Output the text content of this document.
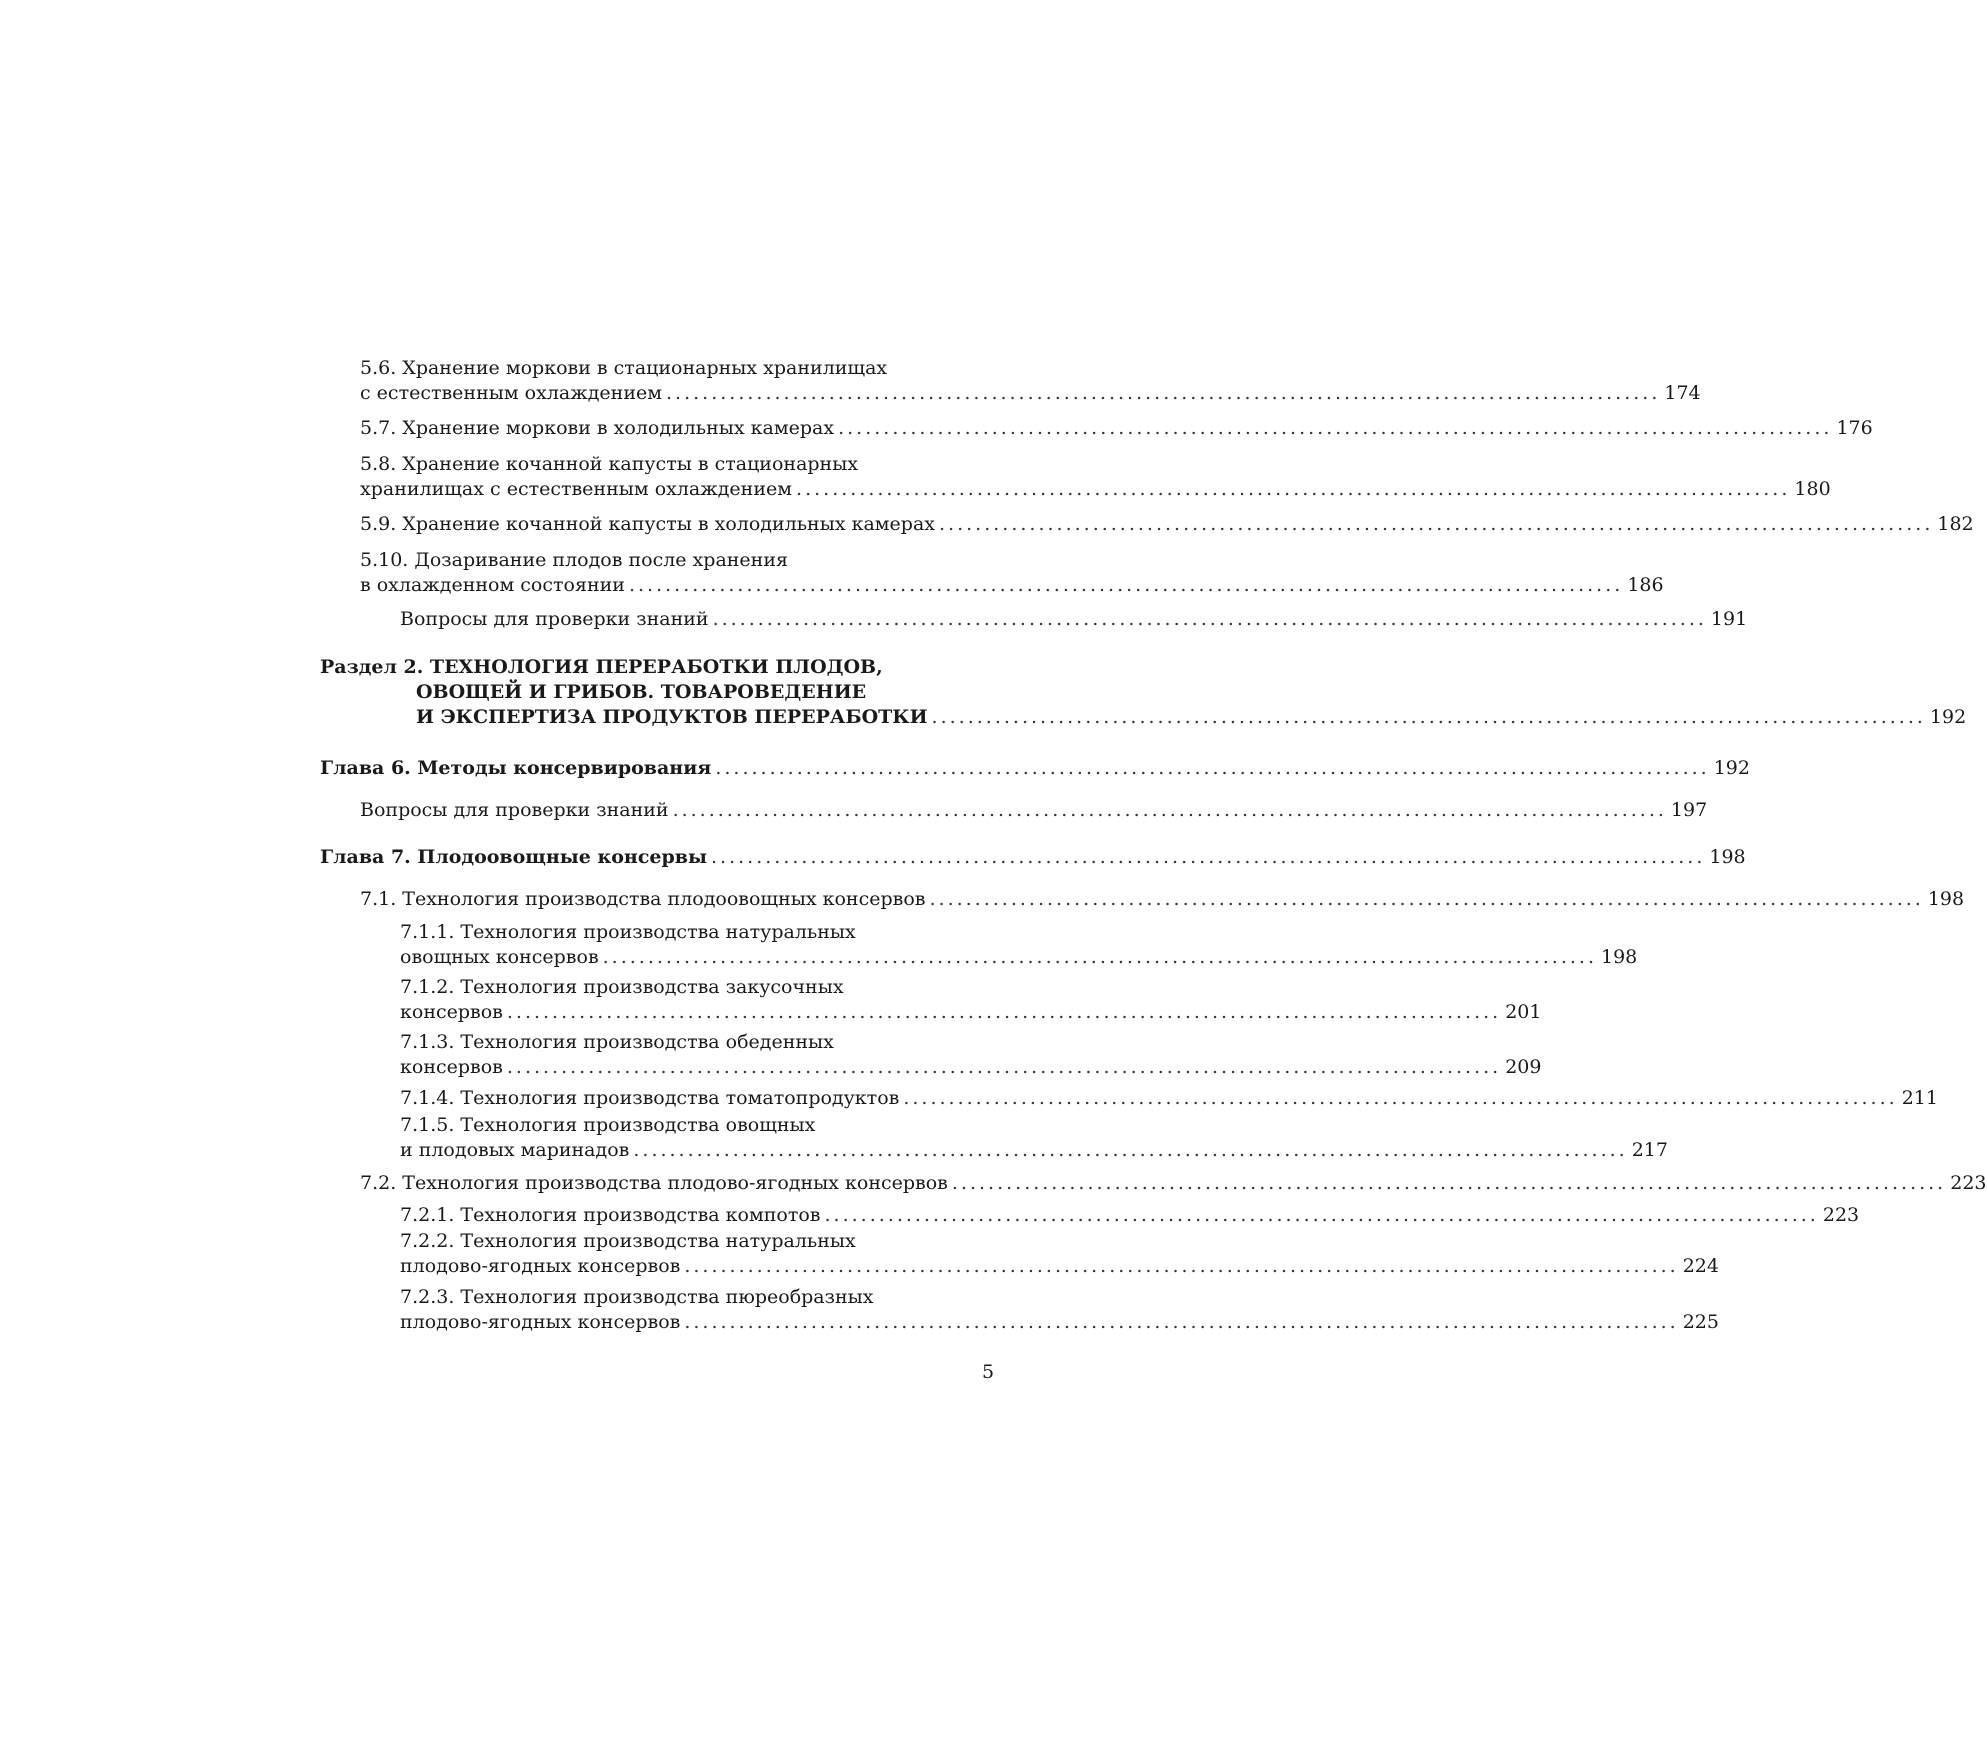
5.6. Хранение моркови в стационарных хранилищах
с естественным охлаждением .............................................................................................................. 174
5.7. Хранение моркови в холодильных камерах .............................................................................................................. 176
5.8. Хранение кочанной капусты в стационарных
хранилищах с естественным охлаждением .............................................................................................................. 180
5.9. Хранение кочанной капусты в холодильных камерах .............................................................................................................. 182
5.10. Дозаривание плодов после хранения
в охлажденном состоянии .............................................................................................................. 186
Вопросы для проверки знаний .............................................................................................................. 191
Раздел 2. ТЕХНОЛОГИЯ ПЕРЕРАБОТКИ ПЛОДОВ,
ОВОЩЕЙ И ГРИБОВ. ТОВАРОВЕДЕНИЕ
И ЭКСПЕРТИЗА ПРОДУКТОВ ПЕРЕРАБОТКИ .............................................................................................................. 192
Глава 6. Методы консервирования .............................................................................................................. 192
Вопросы для проверки знаний .............................................................................................................. 197
Глава 7. Плодоовощные консервы .............................................................................................................. 198
7.1. Технология производства плодоовощных консервов .............................................................................................................. 198
7.1.1. Технология производства натуральных
овощных консервов .............................................................................................................. 198
7.1.2. Технология производства закусочных
консервов .............................................................................................................. 201
7.1.3. Технология производства обеденных
консервов .............................................................................................................. 209
7.1.4. Технология производства томатопродуктов .............................................................................................................. 211
7.1.5. Технология производства овощных
и плодовых маринадов .............................................................................................................. 217
7.2. Технология производства плодово-ягодных консервов .............................................................................................................. 223
7.2.1. Технология производства компотов .............................................................................................................. 223
7.2.2. Технология производства натуральных
плодово-ягодных консервов .............................................................................................................. 224
7.2.3. Технология производства пюреобразных
плодово-ягодных консервов .............................................................................................................. 225
5
